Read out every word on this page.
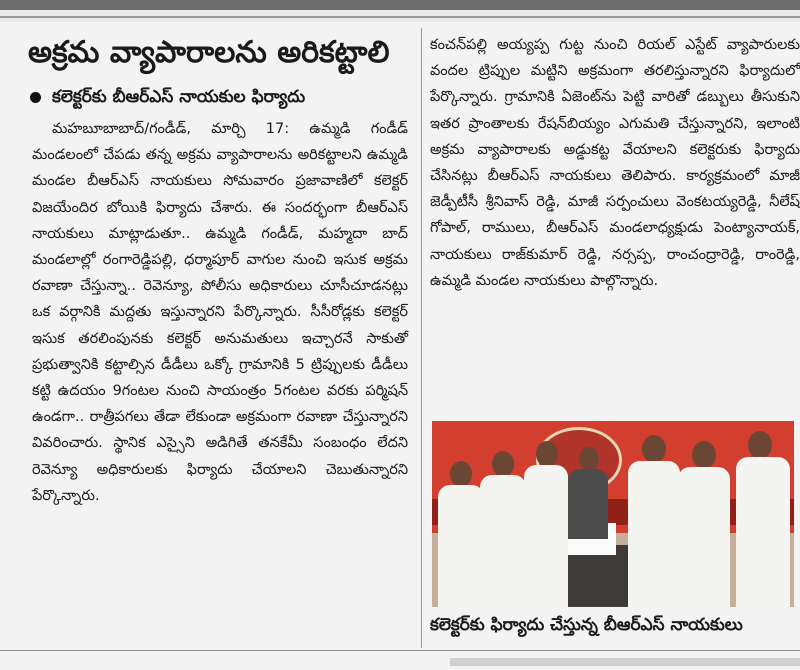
అక్రమ వ్యాపారాలను అరికట్టాలి
కలెక్టర్‌కు బీఆర్‌ఎస్ నాయకుల ఫిర్యాదు
మహబూబాబాద్/గండీడ్, మార్చి 17: ఉమ్మడి గండీడ్ మండలంలో చేపడు తన్న అక్రమ వ్యాపారాలను అరికట్టాలని ఉమ్మడి మండల బీఆర్ఎస్ నాయకులు సోమవారం ప్రజావాణిలో కలెక్టర్ విజయేందిర బోయికి ఫిర్యాదు చేశారు. ఈ సందర్భంగా బీఆర్ఎస్ నాయకులు మాట్లాడుతూ.. ఉమ్మడి గండీడ్, మహ్మదా బాద్ మండలాల్లో రంగారెడ్డిపల్లి, ధర్మాపూర్ వాగుల నుంచి ఇసుక అక్రమ రవాణా చేస్తున్నా.. రెవెన్యూ, పోలీసు అధికారులు చూసీచూడనట్లు ఒక వర్గానికి మద్దతు ఇస్తున్నారని పేర్కొన్నారు. సీసీరోడ్లకు కలెక్టర్ ఇసుక తరలింపునకు కలెక్టర్ అనుమతులు ఇచ్చారనే సాకుతో ప్రభుత్వానికి కట్టాల్సిన డీడీలు ఒక్కో గ్రామానికి 5 ట్రిప్పులకు డీడీలు కట్టి ఉదయం 9గంటల నుంచి సాయంత్రం 5గంటల వరకు పర్మిషన్ ఉండగా.. రాత్రీపగలు తేడా లేకుండా అక్రమంగా రవాణా చేస్తున్నారని వివరించారు. స్థానిక ఎస్సైని అడిగితే తనకేమీ సంబంధం లేదని రెవెన్యూ అధికారులకు ఫిర్యాదు చేయాలని చెబుతున్నారని పేర్కొన్నారు.
కంచన్‌పల్లి అయ్యప్ప గుట్ట నుంచి రియల్ ఎస్టేట్ వ్యాపారులకు వందల ట్రిప్పుల మట్టిని అక్రమంగా తరలిస్తున్నారని ఫిర్యాదులో పేర్కొన్నారు. గ్రామానికి ఏజెంట్‌ను పెట్టి వారితో డబ్బులు తీసుకుని ఇతర ప్రాంతాలకు రేషన్‌బియ్యం ఎగుమతి చేస్తున్నారని, ఇలాంటి అక్రమ వ్యాపారాలకు అడ్డుకట్ట వేయాలని కలెక్టరుకు ఫిర్యాదు చేసినట్లు బీఆర్ఎస్ నాయకులు తెలిపారు. కార్యక్రమంలో మాజీ జెడ్పీటీసీ శ్రీనివాస్ రెడ్డి, మాజీ సర్పంచులు వెంకటయ్యరెడ్డి, నీలేష్ గోపాల్, రాములు, బీఆర్ఎస్ మండలాధ్యక్షుడు పెంట్యానాయక్, నాయకులు రాజ్‌కుమార్ రెడ్డి, నర్సప్ప, రాంచంద్రారెడ్డి, రాంరెడ్డి, ఉమ్మడి మండల నాయకులు పాల్గొన్నారు.
కలెక్టర్‌కు ఫిర్యాదు చేస్తున్న బీఆర్‌ఎస్ నాయకులు
